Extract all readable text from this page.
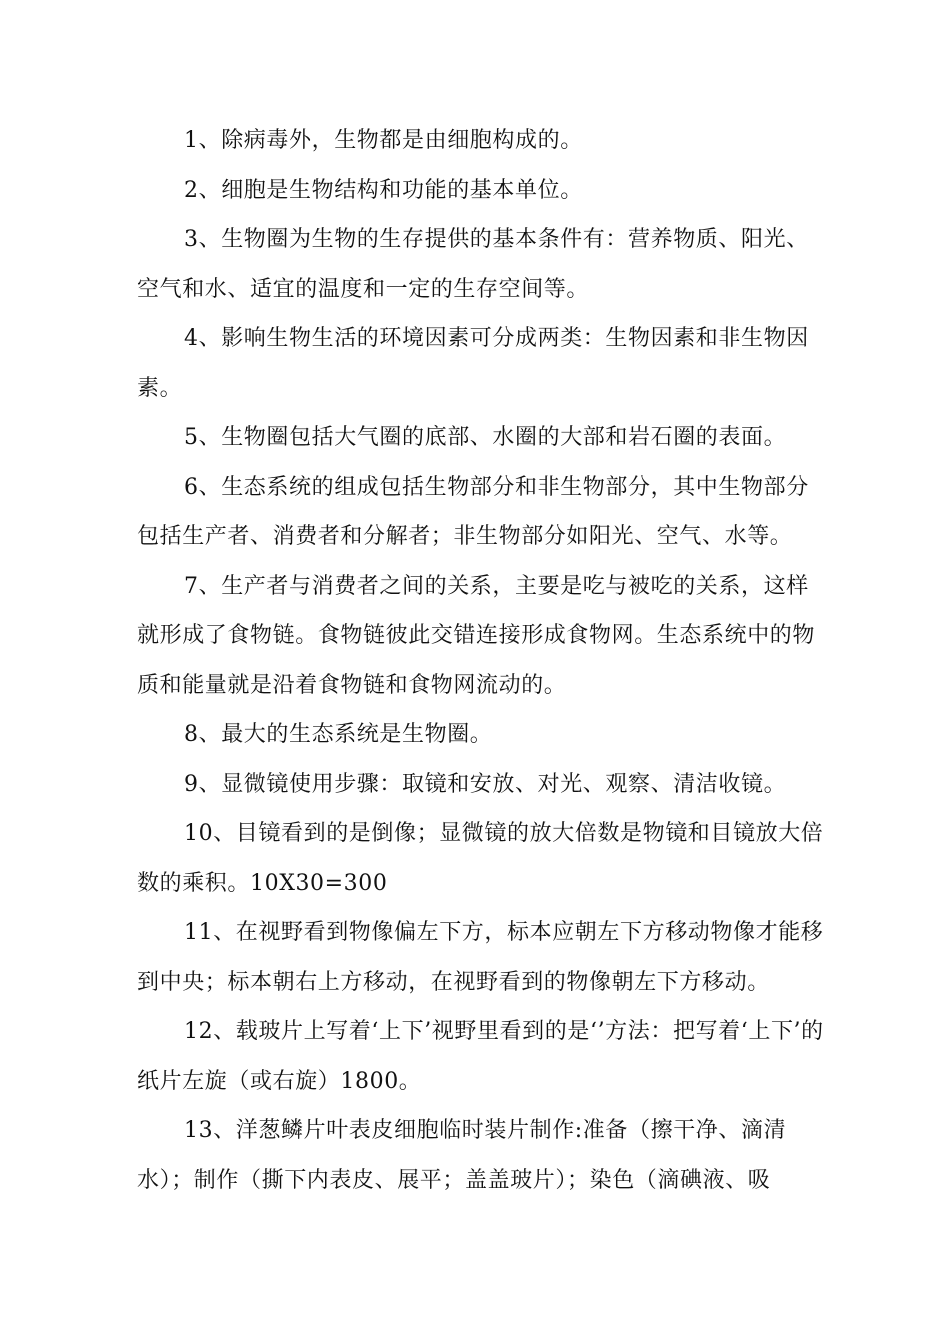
1、除病毒外，生物都是由细胞构成的。

2、细胞是生物结构和功能的基本单位。

3、生物圈为生物的生存提供的基本条件有：营养物质、阳光、空气和水、适宜的温度和一定的生存空间等。

4、影响生物生活的环境因素可分成两类：生物因素和非生物因素。

5、生物圈包括大气圈的底部、水圈的大部和岩石圈的表面。

6、生态系统的组成包括生物部分和非生物部分，其中生物部分包括生产者、消费者和分解者；非生物部分如阳光、空气、水等。

7、生产者与消费者之间的关系，主要是吃与被吃的关系，这样就形成了食物链。食物链彼此交错连接形成食物网。生态系统中的物质和能量就是沿着食物链和食物网流动的。

8、最大的生态系统是生物圈。

9、显微镜使用步骤：取镜和安放、对光、观察、清洁收镜。

10、目镜看到的是倒像；显微镜的放大倍数是物镜和目镜放大倍数的乘积。10X30=300

11、在视野看到物像偏左下方，标本应朝左下方移动物像才能移到中央；标本朝右上方移动，在视野看到的物像朝左下方移动。

12、载玻片上写着‘上下’视野里看到的是‘’方法：把写着‘上下’的纸片左旋（或右旋）1800。

13、洋葱鳞片叶表皮细胞临时装片制作:准备（擦干净、滴清水）；制作（撕下内表皮、展平；盖盖玻片）；染色（滴碘液、吸
